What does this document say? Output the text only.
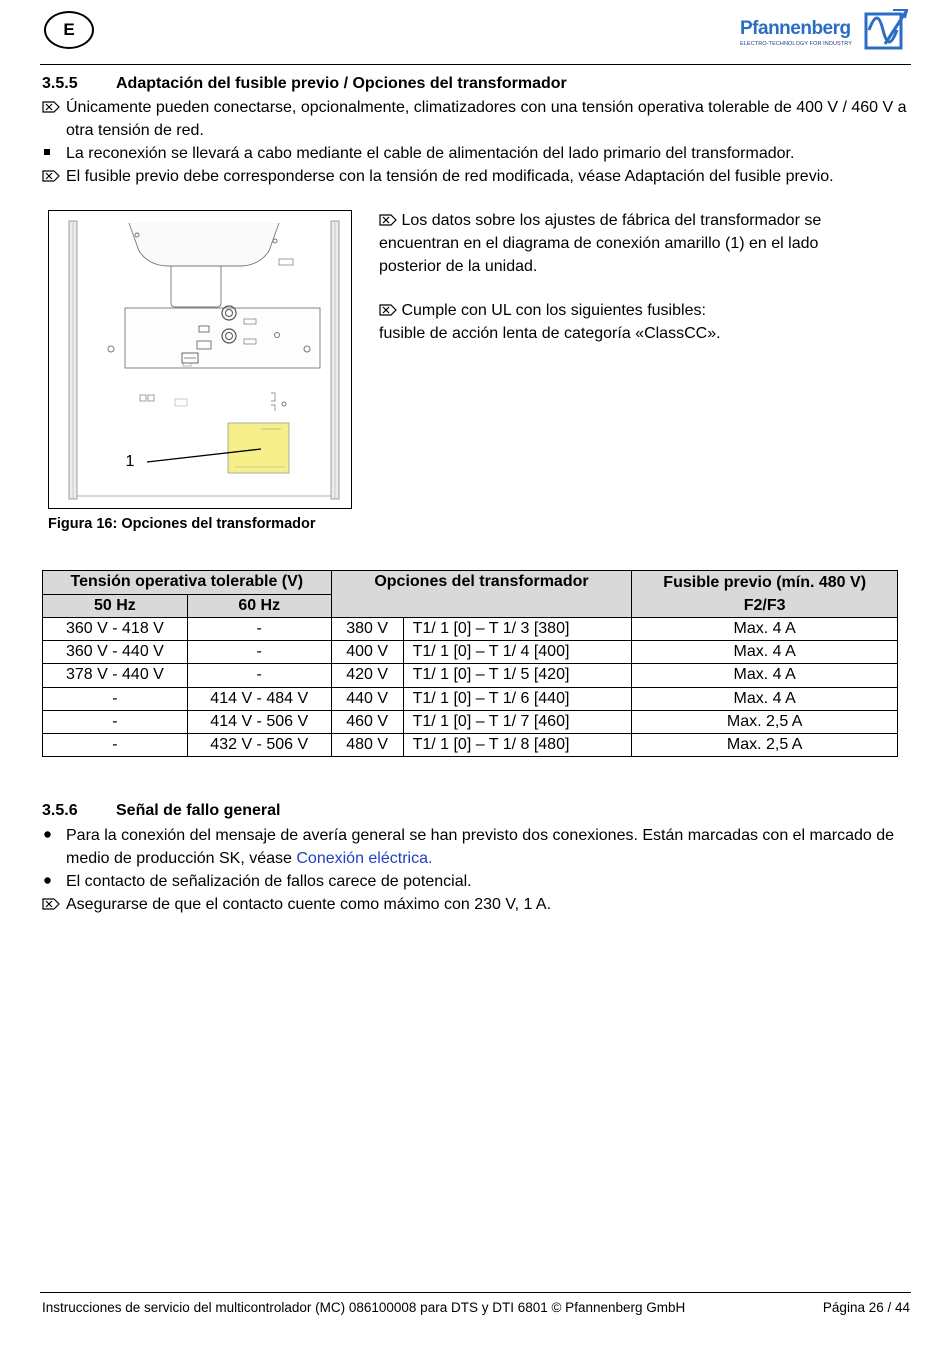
E	Pfannenberg
ELECTRO-TECHNOLOGY FOR INDUSTRY
3.5.5 Adaptación del fusible previo / Opciones del transformador
Únicamente pueden conectarse, opcionalmente, climatizadores con una tensión operativa tolerable de 400 V / 460 V a otra tensión de red.
La reconexión se llevará a cabo mediante el cable de alimentación del lado primario del transformador.
El fusible previo debe corresponderse con la tensión de red modificada, véase Adaptación del fusible previo.
1
Figura 16: Opciones del transformador
Los datos sobre los ajustes de fábrica del transformador se encuentran en el diagrama de conexión amarillo (1) en el lado posterior de la unidad.
Cumple con UL con los siguientes fusibles:
fusible de acción lenta de categoría «ClassCC».
Tensión operativa tolerable (V)		Opciones del transformador		Fusible previo (mín. 480 V)
F2/F3
50 Hz	60 Hz			
360 V - 418 V	-	380 V	T1/ 1 [0] – T 1/ 3 [380]	Max. 4 A
360 V - 440 V	-	400 V	T1/ 1 [0] – T 1/ 4 [400]	Max. 4 A
378 V - 440 V	-	420 V	T1/ 1 [0] – T 1/ 5 [420]	Max. 4 A
-	414 V - 484 V	440 V	T1/ 1 [0] – T 1/ 6 [440]	Max. 4 A
-	414 V - 506 V	460 V	T1/ 1 [0] – T 1/ 7 [460]	Max. 2,5 A
-	432 V - 506 V	480 V	T1/ 1 [0] – T 1/ 8 [480]	Max. 2,5 A
3.5.6 Señal de fallo general
Para la conexión del mensaje de avería general se han previsto dos conexiones. Están marcadas con el marcado de medio de producción SK, véase Conexión eléctrica.
El contacto de señalización de fallos carece de potencial.
Asegurarse de que el contacto cuente como máximo con 230 V, 1 A.
Instrucciones de servicio del multicontrolador (MC) 086100008 para DTS y DTI 6801 © Pfannenberg GmbH	Página 26 / 44
